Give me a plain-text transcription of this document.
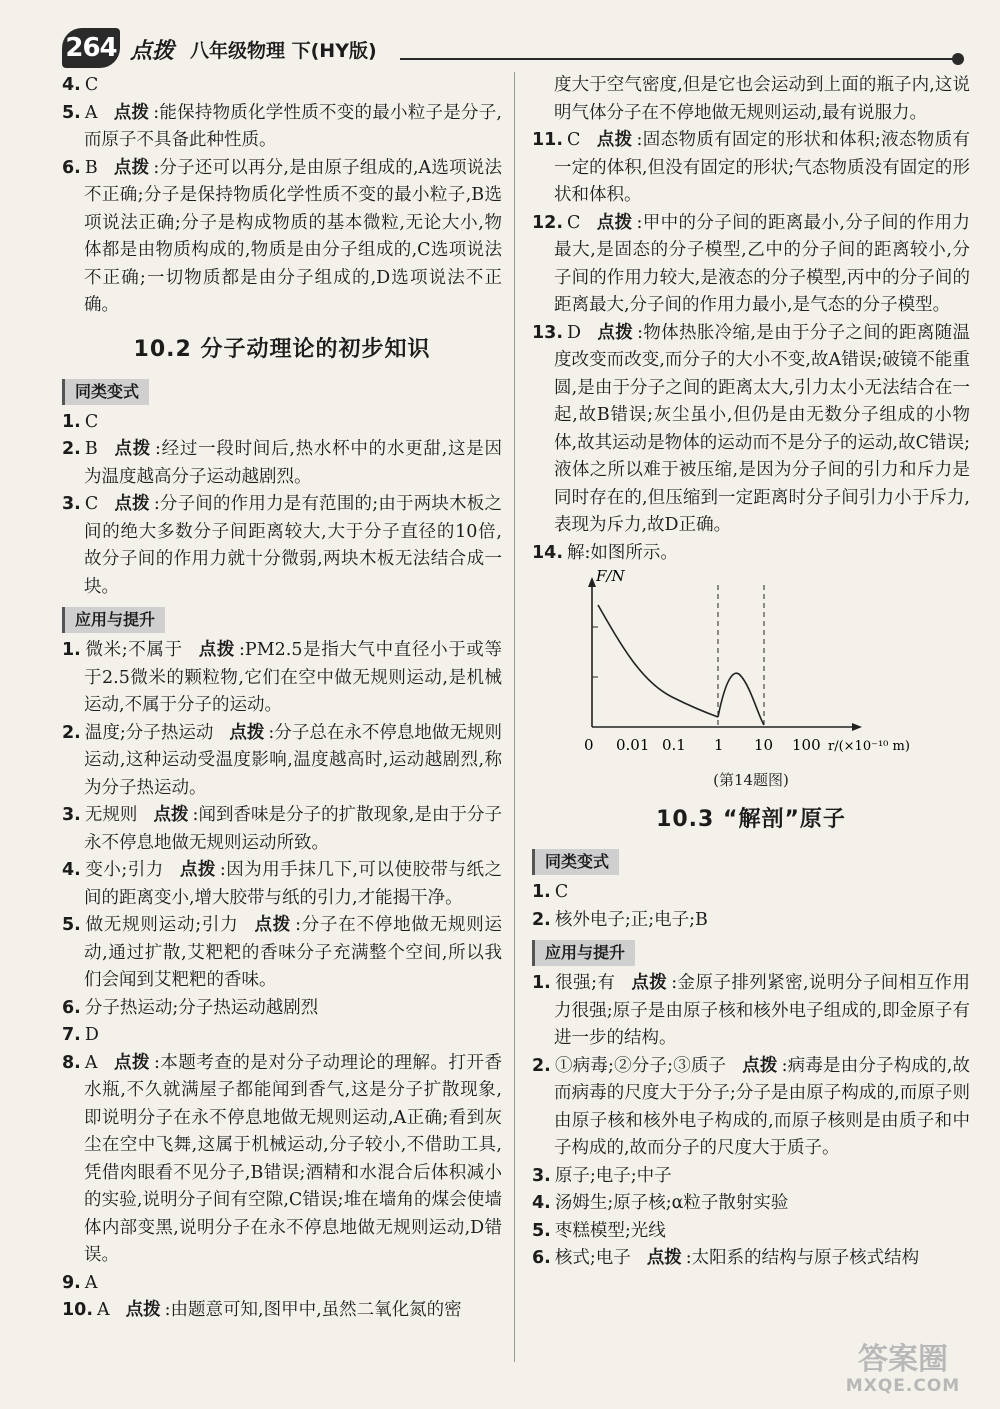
264 点拨 八年级物理 下(HY版)

4. C

5. A 点拨 :能保持物质化学性质不变的最小粒子是分子,而原子不具备此种性质。

6. B 点拨 :分子还可以再分,是由原子组成的,A选项说法不正确;分子是保持物质化学性质不变的最小粒子,B选项说法正确;分子是构成物质的基本微粒,无论大小,物体都是由物质构成的,物质是由分子组成的,C选项说法不正确;一切物质都是由分子组成的,D选项说法不正确。

10.2 分子动理论的初步知识
同类变式

1. C

2. B 点拨 :经过一段时间后,热水杯中的水更甜,这是因为温度越高分子运动越剧烈。

3. C 点拨 :分子间的作用力是有范围的;由于两块木板之间的绝大多数分子间距离较大,大于分子直径的10倍,故分子间的作用力就十分微弱,两块木板无法结合成一块。

应用与提升

1. 微米;不属于 点拨 :PM2.5是指大气中直径小于或等于2.5微米的颗粒物,它们在空中做无规则运动,是机械运动,不属于分子的运动。

2. 温度;分子热运动 点拨 :分子总在永不停息地做无规则运动,这种运动受温度影响,温度越高时,运动越剧烈,称为分子热运动。

3. 无规则 点拨 :闻到香味是分子的扩散现象,是由于分子永不停息地做无规则运动所致。

4. 变小;引力 点拨 :因为用手抹几下,可以使胶带与纸之间的距离变小,增大胶带与纸的引力,才能揭干净。

5. 做无规则运动;引力 点拨 :分子在不停地做无规则运动,通过扩散,艾粑粑的香味分子充满整个空间,所以我们会闻到艾粑粑的香味。

6. 分子热运动;分子热运动越剧烈

7. D

8. A 点拨 :本题考查的是对分子动理论的理解。打开香水瓶,不久就满屋子都能闻到香气,这是分子扩散现象,即说明分子在永不停息地做无规则运动,A正确;看到灰尘在空中飞舞,这属于机械运动,分子较小,不借助工具,凭借肉眼看不见分子,B错误;酒精和水混合后体积减小的实验,说明分子间有空隙,C错误;堆在墙角的煤会使墙体内部变黑,说明分子在永不停息地做无规则运动,D错误。

9. A

10. A 点拨 :由题意可知,图甲中,虽然二氧化氮的密

度大于空气密度,但是它也会运动到上面的瓶子内,这说明气体分子在不停地做无规则运动,最有说服力。

11. C 点拨 :固态物质有固定的形状和体积;液态物质有一定的体积,但没有固定的形状;气态物质没有固定的形状和体积。

12. C 点拨 :甲中的分子间的距离最小,分子间的作用力最大,是固态的分子模型,乙中的分子间的距离较小,分子间的作用力较大,是液态的分子模型,丙中的分子间的距离最大,分子间的作用力最小,是气态的分子模型。

13. D 点拨 :物体热胀冷缩,是由于分子之间的距离随温度改变而改变,而分子的大小不变,故A错误;破镜不能重圆,是由于分子之间的距离太大,引力太小无法结合在一起,故B错误;灰尘虽小,但仍是由无数分子组成的小物体,故其运动是物体的运动而不是分子的运动,故C错误;液体之所以难于被压缩,是因为分子间的引力和斥力是同时存在的,但压缩到一定距离时分子间引力小于斥力,表现为斥力,故D正确。

14. 解:如图所示。

F/N
0 0.01 0.1 1 10 100 r/(×10⁻¹⁰ m)
(第14题图)
10.3 “解剖”原子
同类变式

1. C

2. 核外电子;正;电子;B

应用与提升

1. 很强;有 点拨 :金原子排列紧密,说明分子间相互作用力很强;原子是由原子核和核外电子组成的,即金原子有进一步的结构。

2. ①病毒;②分子;③质子 点拨 :病毒是由分子构成的,故而病毒的尺度大于分子;分子是由原子构成的,而原子则由原子核和核外电子构成的,而原子核则是由质子和中子构成的,故而分子的尺度大于质子。

3. 原子;电子;中子

4. 汤姆生;原子核;α粒子散射实验

5. 枣糕模型;光线

6. 核式;电子 点拨 :太阳系的结构与原子核式结构

答案圈
MXQE.COM
